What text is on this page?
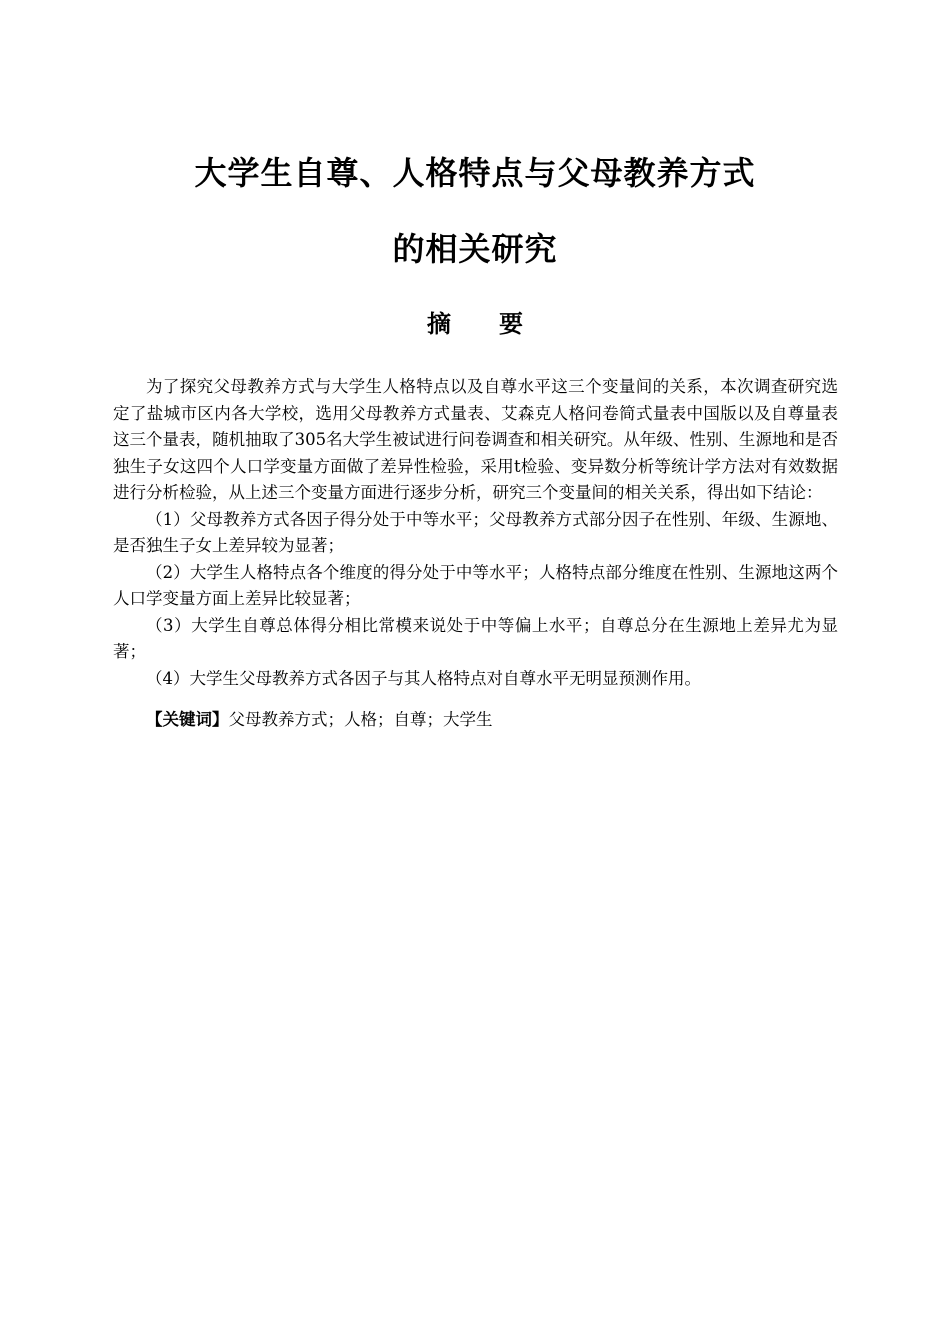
大学生自尊、人格特点与父母教养方式
的相关研究
摘要

为了探究父母教养方式与大学生人格特点以及自尊水平这三个变量间的关系，本次调查研究选定了盐城市区内各大学校，选用父母教养方式量表、艾森克人格问卷简式量表中国版以及自尊量表这三个量表，随机抽取了305名大学生被试进行问卷调查和相关研究。从年级、性别、生源地和是否独生子女这四个人口学变量方面做了差异性检验，采用t检验、变异数分析等统计学方法对有效数据进行分析检验，从上述三个变量方面进行逐步分析，研究三个变量间的相关关系，得出如下结论：

（1）父母教养方式各因子得分处于中等水平；父母教养方式部分因子在性别、年级、生源地、是否独生子女上差异较为显著；

（2）大学生人格特点各个维度的得分处于中等水平；人格特点部分维度在性别、生源地这两个人口学变量方面上差异比较显著；

（3）大学生自尊总体得分相比常模来说处于中等偏上水平；自尊总分在生源地上差异尤为显著；

（4）大学生父母教养方式各因子与其人格特点对自尊水平无明显预测作用。

【关键词】父母教养方式；人格；自尊；大学生
